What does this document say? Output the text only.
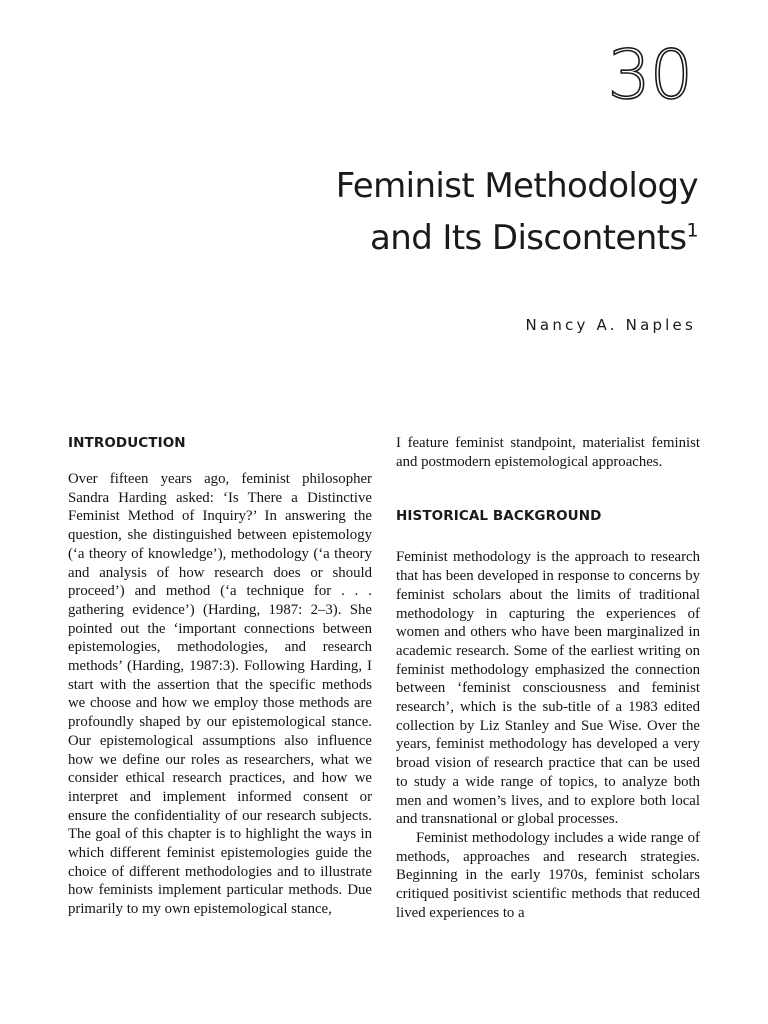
30
Feminist Methodology
and Its Discontents$^1$
Nancy A. Naples
INTRODUCTION

Over fifteen years ago, feminist philosopher Sandra Harding asked: ‘Is There a Distinctive Feminist Method of Inquiry?’ In answering the question, she distinguished between epistemology (‘a theory of knowledge’), methodology (‘a theory and analysis of how research does or should proceed’) and method (‘a technique for . . . gathering evidence’) (Harding, 1987: 2–3). She pointed out the ‘important connections between epistemologies, methodologies, and research methods’ (Harding, 1987:3). Following Harding, I start with the assertion that the specific methods we choose and how we employ those methods are profoundly shaped by our epistemological stance. Our epistemological assumptions also influence how we define our roles as researchers, what we consider ethical research practices, and how we interpret and implement informed consent or ensure the confidentiality of our research subjects. The goal of this chapter is to highlight the ways in which different feminist epistemologies guide the choice of different methodologies and to illustrate how feminists implement particular methods. Due primarily to my own epistemological stance,

I feature feminist standpoint, materialist feminist and postmodern epistemological approaches.

HISTORICAL BACKGROUND

Feminist methodology is the approach to research that has been developed in response to concerns by feminist scholars about the limits of traditional methodology in capturing the experiences of women and others who have been marginalized in academic research. Some of the earliest writing on feminist methodology emphasized the connection between ‘feminist consciousness and feminist research’, which is the sub-title of a 1983 edited collection by Liz Stanley and Sue Wise. Over the years, feminist methodology has developed a very broad vision of research practice that can be used to study a wide range of topics, to analyze both men and women’s lives, and to explore both local and transnational or global processes.

Feminist methodology includes a wide range of methods, approaches and research strategies. Beginning in the early 1970s, feminist scholars critiqued positivist scientific methods that reduced lived experiences to a
